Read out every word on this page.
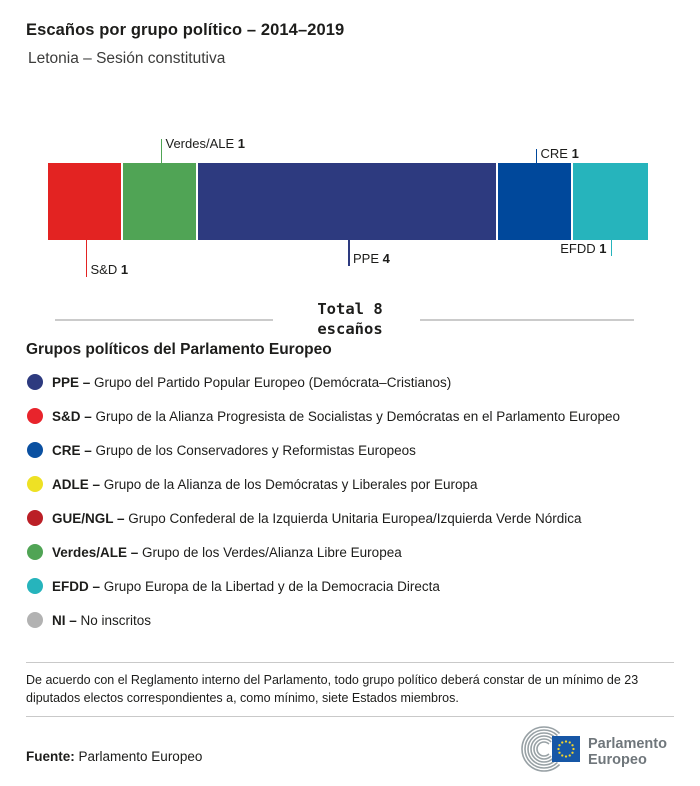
Escaños por grupo político – 2014–2019
Letonia – Sesión constitutiva
S&D 1
Verdes/ALE 1
PPE 4
CRE 1
EFDD 1
Total 8
escaños
Grupos políticos del Parlamento Europeo
PPE – Grupo del Partido Popular Europeo (Demócrata–Cristianos)
S&D – Grupo de la Alianza Progresista de Socialistas y Demócratas en el Parlamento Europeo
CRE – Grupo de los Conservadores y Reformistas Europeos
ADLE – Grupo de la Alianza de los Demócratas y Liberales por Europa
GUE/NGL – Grupo Confederal de la Izquierda Unitaria Europea/Izquierda Verde Nórdica
Verdes/ALE – Grupo de los Verdes/Alianza Libre Europea
EFDD – Grupo Europa de la Libertad y de la Democracia Directa
NI – No inscritos
De acuerdo con el Reglamento interno del Parlamento, todo grupo político deberá constar de un mínimo de 23 diputados electos correspondientes a, como mínimo, siete Estados miembros.
Fuente: Parlamento Europeo
Parlamento
Europeo
